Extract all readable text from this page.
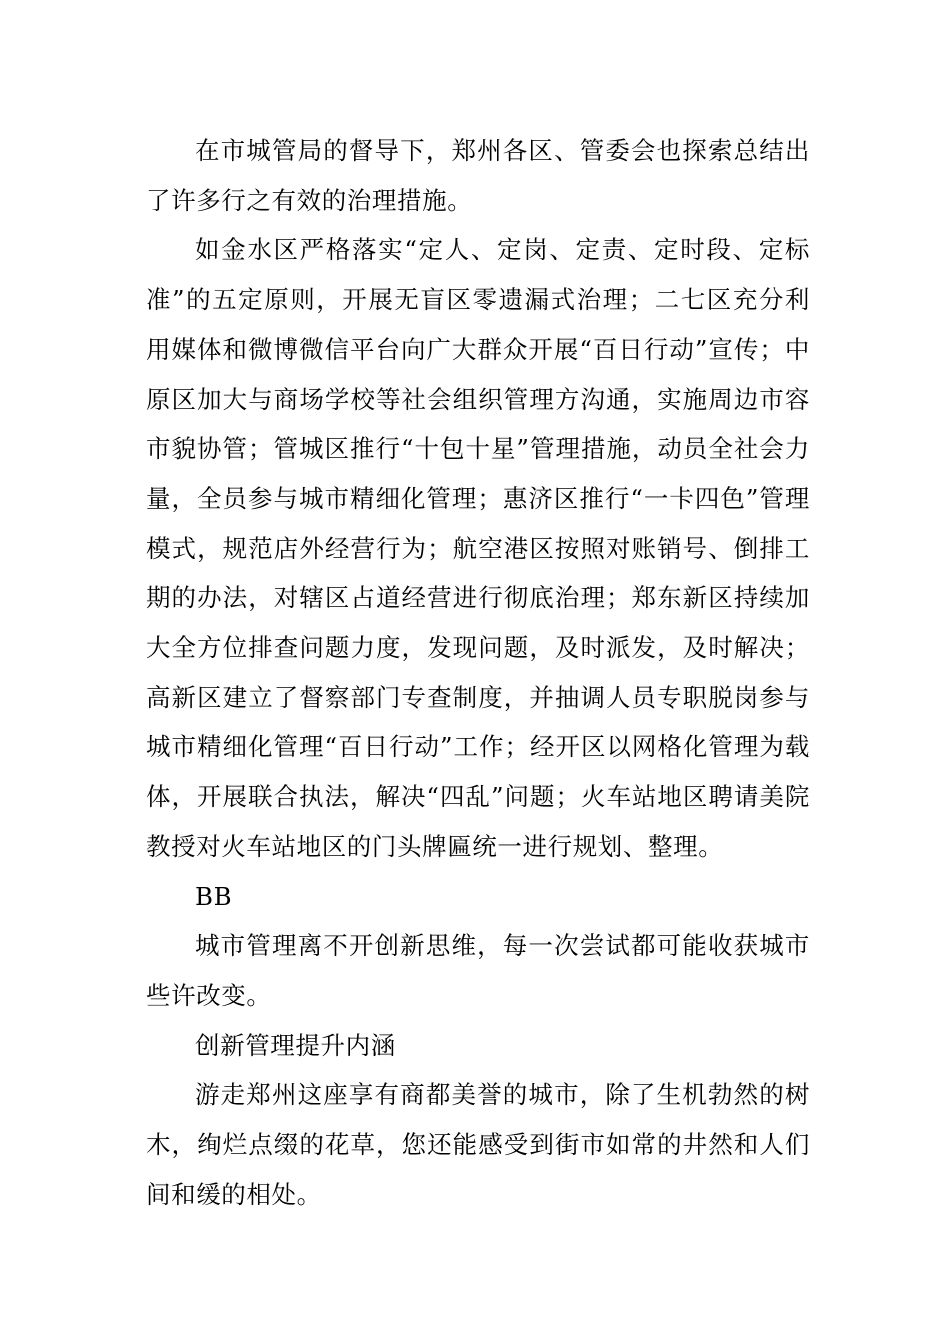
在市城管局的督导下，郑州各区、管委会也探索总结出了许多行之有效的治理措施。

如金水区严格落实“定人、定岗、定责、定时段、定标准”的五定原则，开展无盲区零遗漏式治理；二七区充分利用媒体和微博微信平台向广大群众开展“百日行动”宣传；中原区加大与商场学校等社会组织管理方沟通，实施周边市容市貌协管；管城区推行“十包十星”管理措施，动员全社会力量，全员参与城市精细化管理；惠济区推行“一卡四色”管理模式，规范店外经营行为；航空港区按照对账销号、倒排工期的办法，对辖区占道经营进行彻底治理；郑东新区持续加大全方位排查问题力度，发现问题，及时派发，及时解决；高新区建立了督察部门专查制度，并抽调人员专职脱岗参与城市精细化管理“百日行动”工作；经开区以网格化管理为载体，开展联合执法，解决“四乱”问题；火车站地区聘请美院教授对火车站地区的门头牌匾统一进行规划、整理。

BB

城市管理离不开创新思维，每一次尝试都可能收获城市些许改变。

创新管理提升内涵

游走郑州这座享有商都美誉的城市，除了生机勃然的树木，绚烂点缀的花草，您还能感受到街市如常的井然和人们间和缓的相处。
